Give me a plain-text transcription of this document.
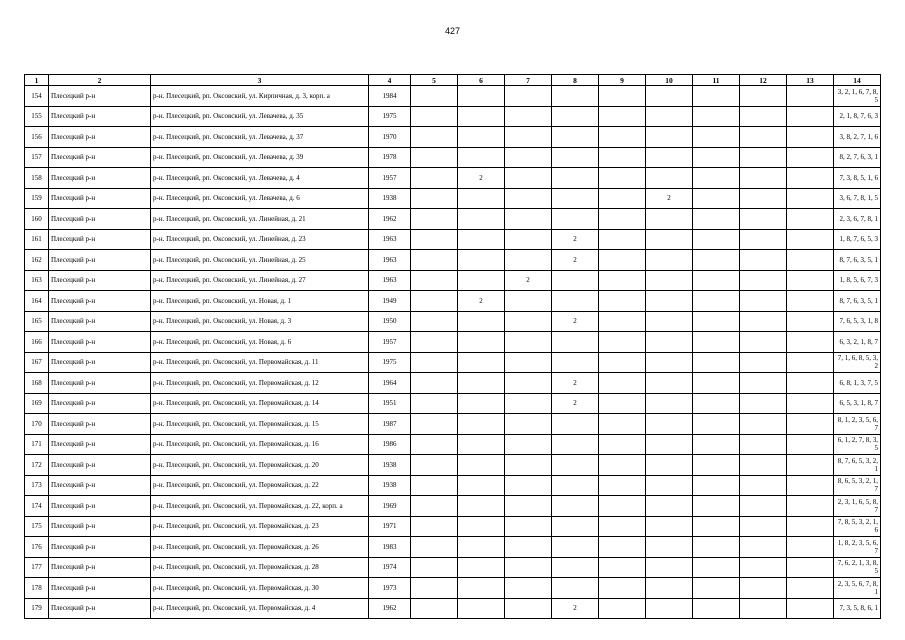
427
1	2	3	4	5	6	7	8	9	10	11	12	13	14
154	Плесецкий р-н	р-н. Плесецкий, рп. Оксовский, ул. Кирпичная, д. 3, корп. а	1984										3, 2, 1, 6, 7, 8, 5
155	Плесецкий р-н	р-н. Плесецкий, рп. Оксовский, ул. Левачева, д. 35	1975										2, 1, 8, 7, 6, 3
156	Плесецкий р-н	р-н. Плесецкий, рп. Оксовский, ул. Левачева, д. 37	1970										3, 8, 2, 7, 1, 6
157	Плесецкий р-н	р-н. Плесецкий, рп. Оксовский, ул. Левачева, д. 39	1978										8, 2, 7, 6, 3, 1
158	Плесецкий р-н	р-н. Плесецкий, рп. Оксовский, ул. Левачева, д. 4	1957		2								7, 3, 8, 5, 1, 6
159	Плесецкий р-н	р-н. Плесецкий, рп. Оксовский, ул. Левачева, д. 6	1938						2				3, 6, 7, 8, 1, 5
160	Плесецкий р-н	р-н. Плесецкий, рп. Оксовский, ул. Линейная, д. 21	1962										2, 3, 6, 7, 8, 1
161	Плесецкий р-н	р-н. Плесецкий, рп. Оксовский, ул. Линейная, д. 23	1963				2						1, 8, 7, 6, 5, 3
162	Плесецкий р-н	р-н. Плесецкий, рп. Оксовский, ул. Линейная, д. 25	1963				2						8, 7, 6, 3, 5, 1
163	Плесецкий р-н	р-н. Плесецкий, рп. Оксовский, ул. Линейная, д. 27	1963			2							1, 8, 5, 6, 7, 3
164	Плесецкий р-н	р-н. Плесецкий, рп. Оксовский, ул. Новая, д. 1	1949		2								8, 7, 6, 3, 5, 1
165	Плесецкий р-н	р-н. Плесецкий, рп. Оксовский, ул. Новая, д. 3	1950				2						7, 6, 5, 3, 1, 8
166	Плесецкий р-н	р-н. Плесецкий, рп. Оксовский, ул. Новая, д. 6	1957										6, 3, 2, 1, 8, 7
167	Плесецкий р-н	р-н. Плесецкий, рп. Оксовский, ул. Первомайская, д. 11	1975										7, 1, 6, 8, 5, 3, 2
168	Плесецкий р-н	р-н. Плесецкий, рп. Оксовский, ул. Первомайская, д. 12	1964				2						6, 8, 1, 3, 7, 5
169	Плесецкий р-н	р-н. Плесецкий, рп. Оксовский, ул. Первомайская, д. 14	1951				2						6, 5, 3, 1, 8, 7
170	Плесецкий р-н	р-н. Плесецкий, рп. Оксовский, ул. Первомайская, д. 15	1987										8, 1, 2, 3, 5, 6, 7
171	Плесецкий р-н	р-н. Плесецкий, рп. Оксовский, ул. Первомайская, д. 16	1986										6, 1, 2, 7, 8, 3, 5
172	Плесецкий р-н	р-н. Плесецкий, рп. Оксовский, ул. Первомайская, д. 20	1938										8, 7, 6, 5, 3, 2, 1
173	Плесецкий р-н	р-н. Плесецкий, рп. Оксовский, ул. Первомайская, д. 22	1938										8, 6, 5, 3, 2, 1, 7
174	Плесецкий р-н	р-н. Плесецкий, рп. Оксовский, ул. Первомайская, д. 22, корп. а	1969										2, 3, 1, 6, 5, 8, 7
175	Плесецкий р-н	р-н. Плесецкий, рп. Оксовский, ул. Первомайская, д. 23	1971										7, 8, 5, 3, 2, 1, 6
176	Плесецкий р-н	р-н. Плесецкий, рп. Оксовский, ул. Первомайская, д. 26	1983										1, 8, 2, 3, 5, 6, 7
177	Плесецкий р-н	р-н. Плесецкий, рп. Оксовский, ул. Первомайская, д. 28	1974										7, 6, 2, 1, 3, 8, 5
178	Плесецкий р-н	р-н. Плесецкий, рп. Оксовский, ул. Первомайская, д. 30	1973										2, 3, 5, 6, 7, 8, 1
179	Плесецкий р-н	р-н. Плесецкий, рп. Оксовский, ул. Первомайская, д. 4	1962				2						7, 3, 5, 8, 6, 1
